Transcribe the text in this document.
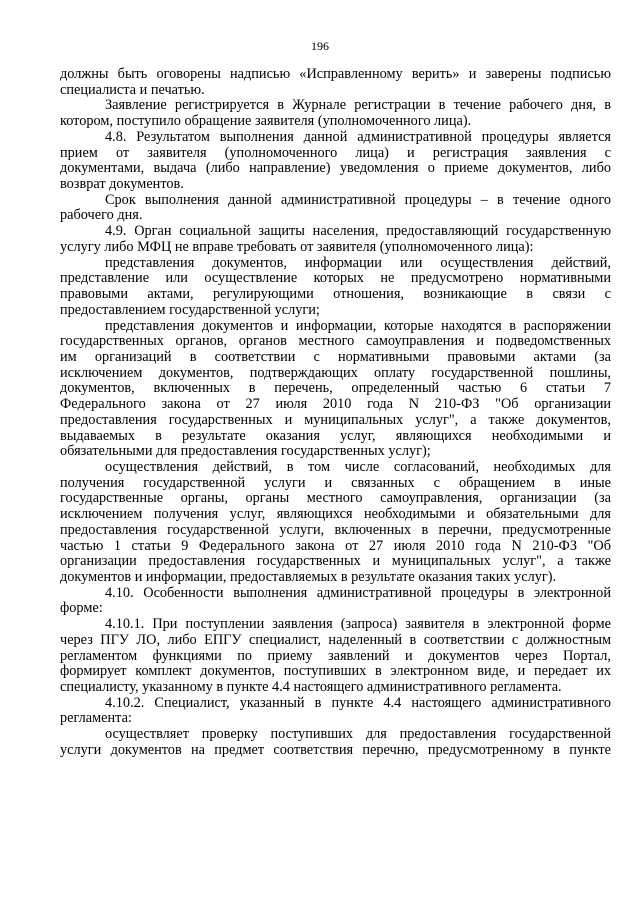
196
должны быть оговорены надписью «Исправленному верить» и заверены подписью
специалиста и печатью.
Заявление регистрируется в Журнале регистрации в течение рабочего дня, в
котором, поступило обращение заявителя (уполномоченного лица).
4.8. Результатом выполнения данной административной процедуры является
прием от заявителя (уполномоченного лица) и регистрация заявления с
документами, выдача (либо направление) уведомления о приеме документов, либо
возврат документов.
Срок выполнения данной административной процедуры – в течение одного
рабочего дня.
4.9. Орган социальной защиты населения, предоставляющий государственную
услугу либо МФЦ не вправе требовать от заявителя (уполномоченного лица):
представления документов, информации или осуществления действий,
представление или осуществление которых не предусмотрено нормативными
правовыми актами, регулирующими отношения, возникающие в связи с
предоставлением государственной услуги;
представления документов и информации, которые находятся в распоряжении
государственных органов, органов местного самоуправления и подведомственных
им организаций в соответствии с нормативными правовыми актами (за
исключением документов, подтверждающих оплату государственной пошлины,
документов, включенных в перечень, определенный частью 6 статьи 7
Федерального закона от 27 июля 2010 года N 210-ФЗ "Об организации
предоставления государственных и муниципальных услуг", а также документов,
выдаваемых в результате оказания услуг, являющихся необходимыми и
обязательными для предоставления государственных услуг);
осуществления действий, в том числе согласований, необходимых для
получения государственной услуги и связанных с обращением в иные
государственные органы, органы местного самоуправления, организации (за
исключением получения услуг, являющихся необходимыми и обязательными для
предоставления государственной услуги, включенных в перечни, предусмотренные
частью 1 статьи 9 Федерального закона от 27 июля 2010 года N 210-ФЗ "Об
организации предоставления государственных и муниципальных услуг", а также
документов и информации, предоставляемых в результате оказания таких услуг).
4.10. Особенности выполнения административной процедуры в электронной
форме:
4.10.1. При поступлении заявления (запроса) заявителя в электронной форме
через ПГУ ЛО, либо ЕПГУ специалист, наделенный в соответствии с должностным
регламентом функциями по приему заявлений и документов через Портал,
формирует комплект документов, поступивших в электронном виде, и передает их
специалисту, указанному в пункте 4.4 настоящего административного регламента.
4.10.2. Специалист, указанный в пункте 4.4 настоящего административного
регламента:
осуществляет проверку поступивших для предоставления государственной
услуги документов на предмет соответствия перечню, предусмотренному в пункте
